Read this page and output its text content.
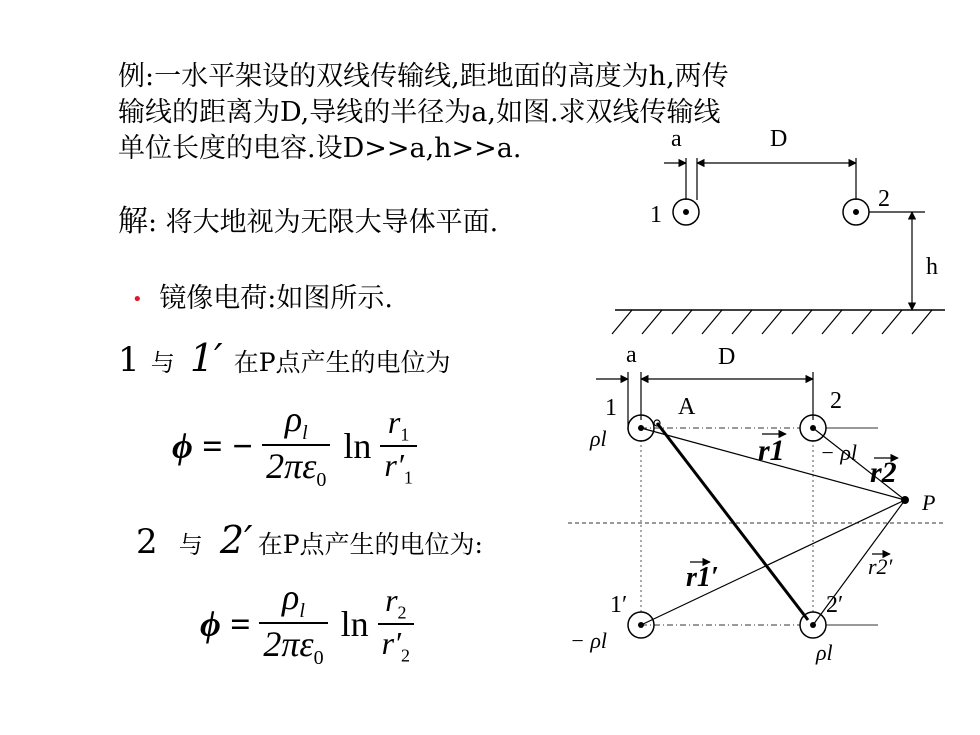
例:一水平架设的双线传输线,距地面的高度为h,两传
输线的距离为D,导线的半径为a,如图.求双线传输线
单位长度的电容.设D>>a,h>>a.
解: 将大地视为无限大导体平面.
• 镜像电荷:如图所示.
1 与 1′ 在P点产生的电位为
ϕ = − $\frac{\rho_l}{2\pi\varepsilon_0}$ $\ln \frac{r_1}{r'_1}$
2 与 2′ 在P点产生的电位为:
$\phi = \frac{\rho_l}{2\pi\varepsilon_0}$ $\ln \frac{r_2}{r'_2}$
a	D
1
2
h
a	D
1	2
A
ρl
− ρl
r1
r2
P
r1′	r2′
1′	2′
− ρl	ρl
